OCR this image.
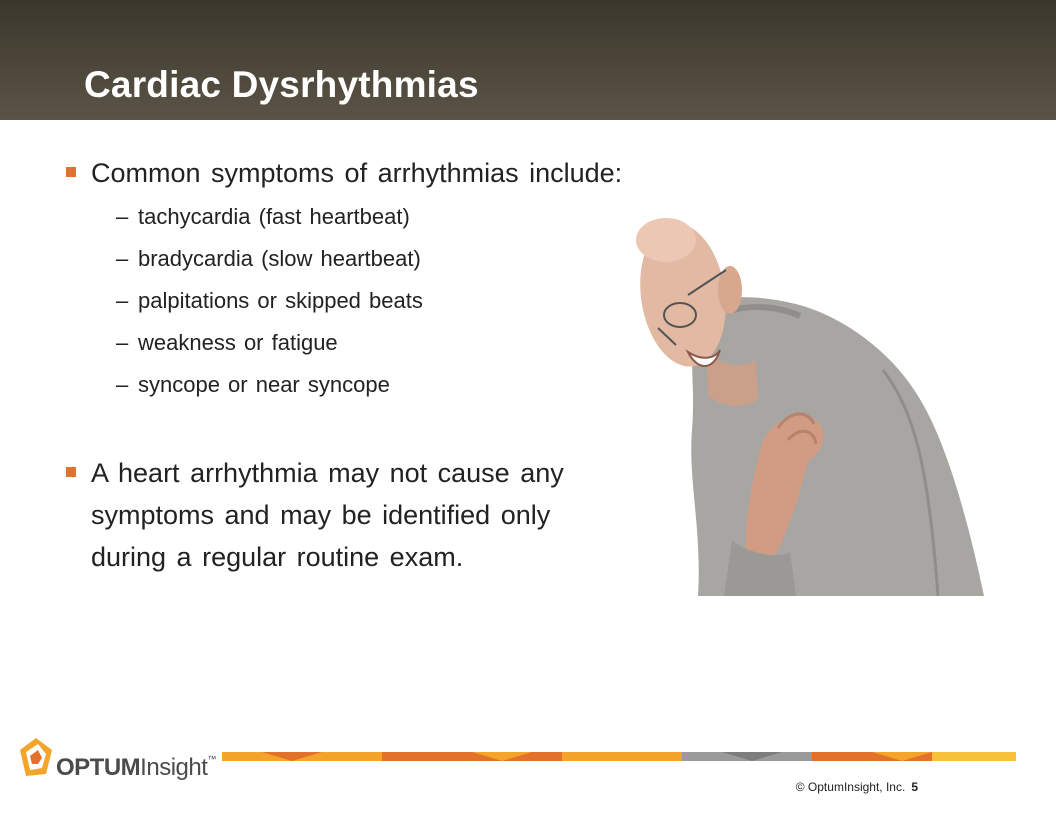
Cardiac Dysrhythmias
Common symptoms of arrhythmias include:
– tachycardia (fast heartbeat)
– bradycardia (slow heartbeat)
– palpitations or skipped beats
– weakness or fatigue
– syncope or near syncope
A heart arrhythmia may not cause any symptoms and may be identified only during a regular routine exam.
OPTUMInsight™
© OptumInsight, Inc. 5
